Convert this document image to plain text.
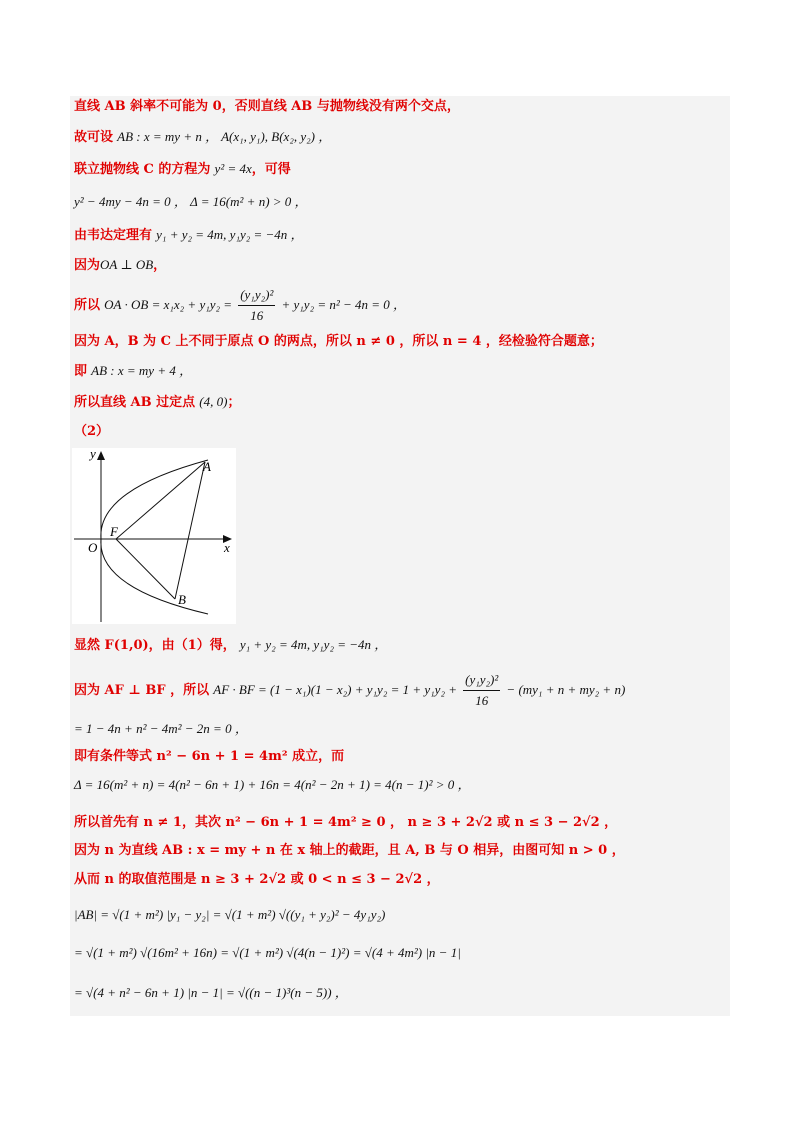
直线 AB 斜率不可能为 0，否则直线 AB 与抛物线没有两个交点，
故可设 AB : x = my + n ， A(x₁, y₁), B(x₂, y₂) ，
联立抛物线 C 的方程为 y² = 4x，可得
y² − 4my − 4n = 0 ， Δ = 16(m² + n) > 0 ，
由韦达定理有 y₁ + y₂ = 4m, y₁y₂ = −4n ，
因为OA ⊥ OB，
所以 OA · OB = $x_1x_2 + y_1y_2 = \frac{\text{(y₁y₂)²}}{16} + y_1y_2 = n^2 - 4n = 0$ ，
因为 A，B 为 C 上不同于原点 O 的两点，所以 n ≠ 0 ，所以 n = 4 ，经检验符合题意；
即 AB : x = my + 4 ，
所以直线 AB 过定点 (4, 0)；
（2）
y
x
O
F
A
B
显然 F(1,0)，由（1）得， y₁ + y₂ = 4m, y₁y₂ = −4n ，
因为 AF ⊥ BF ，所以 AF · BF = $(1 - x_1)(1 - x_2) + y_1y_2 = 1 + y_1y_2 + \frac{\text{(y₁y₂)²}}{16} - (my_1 + n + my_2 + n)$
= 1 − 4n + n² − 4m² − 2n = 0 ，
即有条件等式 n² − 6n + 1 = 4m² 成立，而
Δ = 16(m² + n) = 4(n² − 6n + 1) + 16n = 4(n² − 2n + 1) = 4(n − 1)² > 0 ，
所以首先有 n ≠ 1，其次 n² − 6n + 1 = 4m² ≥ 0 ， n ≥ 3 + 2√2 或 n ≤ 3 − 2√2 ，
因为 n 为直线 AB : x = my + n 在 x 轴上的截距，且 A, B 与 O 相异，由图可知 n > 0 ，
从而 n 的取值范围是 n ≥ 3 + 2√2 或 0 < n ≤ 3 − 2√2 ，
|AB| = √(1 + m²) |y₁ − y₂| = √(1 + m²) √((y₁ + y₂)² − 4y₁y₂)
= √(1 + m²) √(16m² + 16n) = √(1 + m²) √(4(n − 1)²) = √(4 + 4m²) |n − 1|
= √(4 + n² − 6n + 1) |n − 1| = √((n − 1)³(n − 5)) ，
